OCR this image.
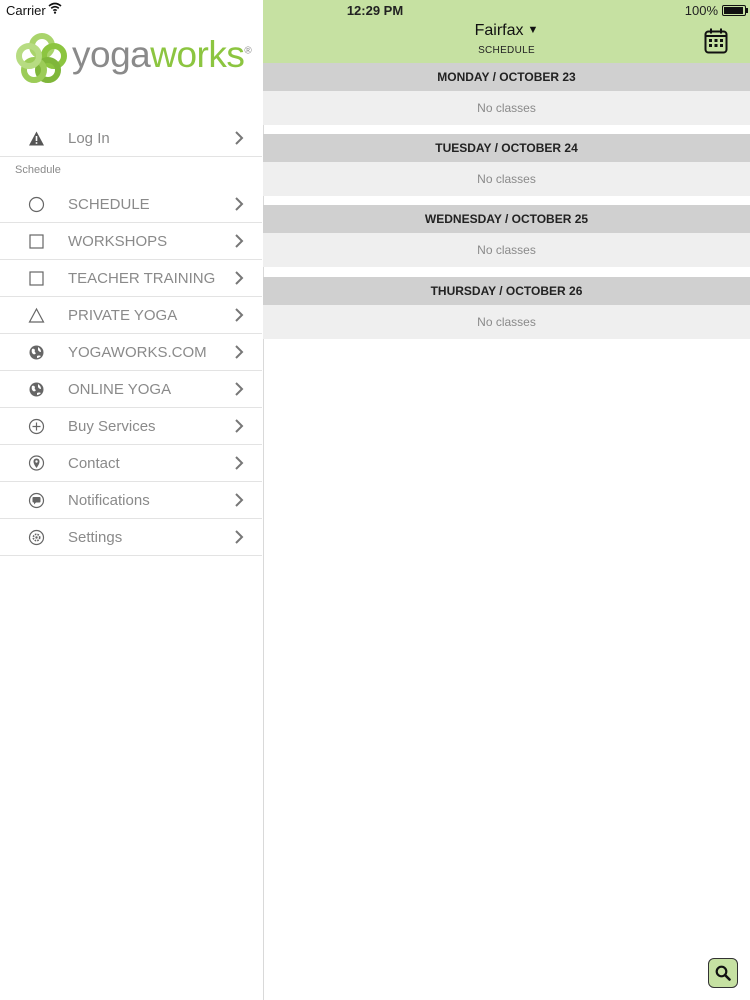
Carrier	12:29 PM	100%
yogaworks®
Log In
Schedule
SCHEDULE
WORKSHOPS
TEACHER TRAINING
PRIVATE YOGA
YOGAWORKS.COM
ONLINE YOGA
Buy Services
Contact
Notifications
Settings
Fairfax ▼
SCHEDULE
MONDAY / OCTOBER 23
No classes
TUESDAY / OCTOBER 24
No classes
WEDNESDAY / OCTOBER 25
No classes
THURSDAY / OCTOBER 26
No classes
